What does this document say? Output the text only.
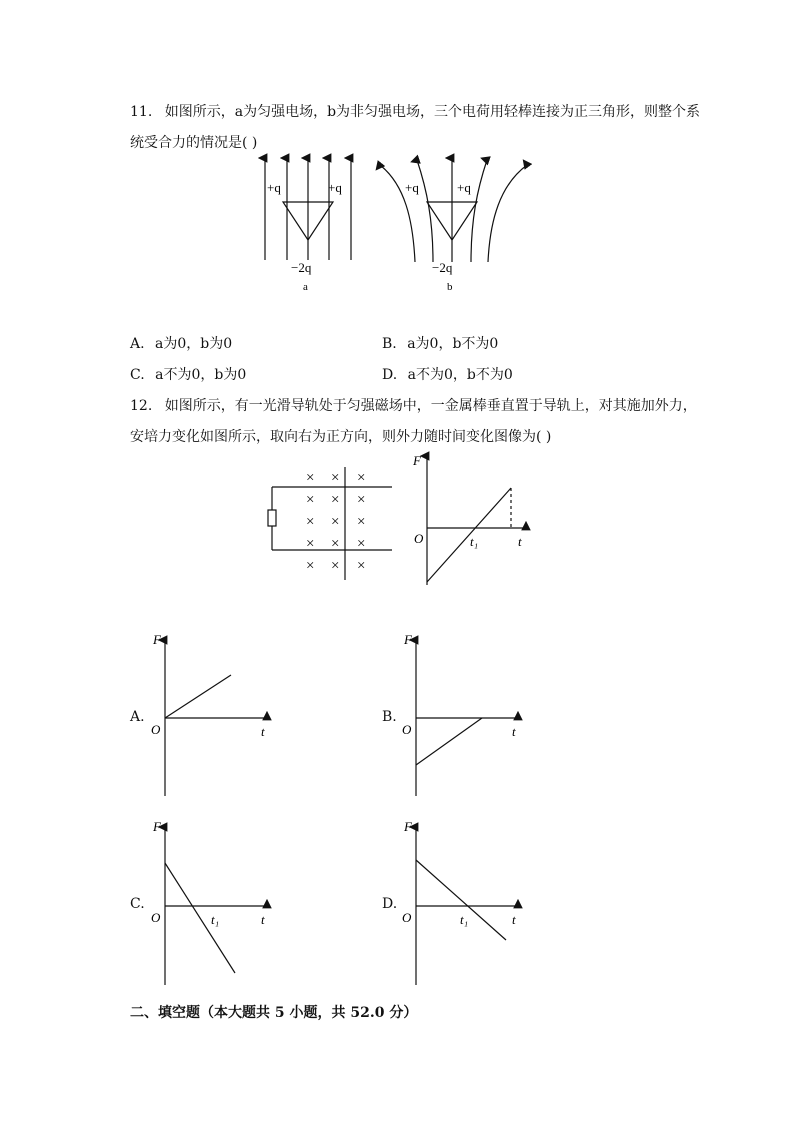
11. 如图所示，a为匀强电场，b为非匀强电场，三个电荷用轻棒连接为正三角形，则整个系
统受合力的情况是( )
+q	+q
−2q
a
+q	+q
−2q
b
A. a为0，b为0	B. a为0，b不为0
C. a不为0，b为0	D. a不为0，b不为0
12. 如图所示，有一光滑导轨处于匀强磁场中，一金属棒垂直置于导轨上，对其施加外力，
安培力变化如图所示，取向右为正方向，则外力随时间变化图像为( )
× × ×
× × ×
× × ×
× × ×
× × ×
F
O	t
t₁
A.
F
O	t
B.
F
O	t
C.
F
O	t
t₁
D.
F
O	t
t₁
二、填空题（本大题共 5 小题，共 52.0 分）
